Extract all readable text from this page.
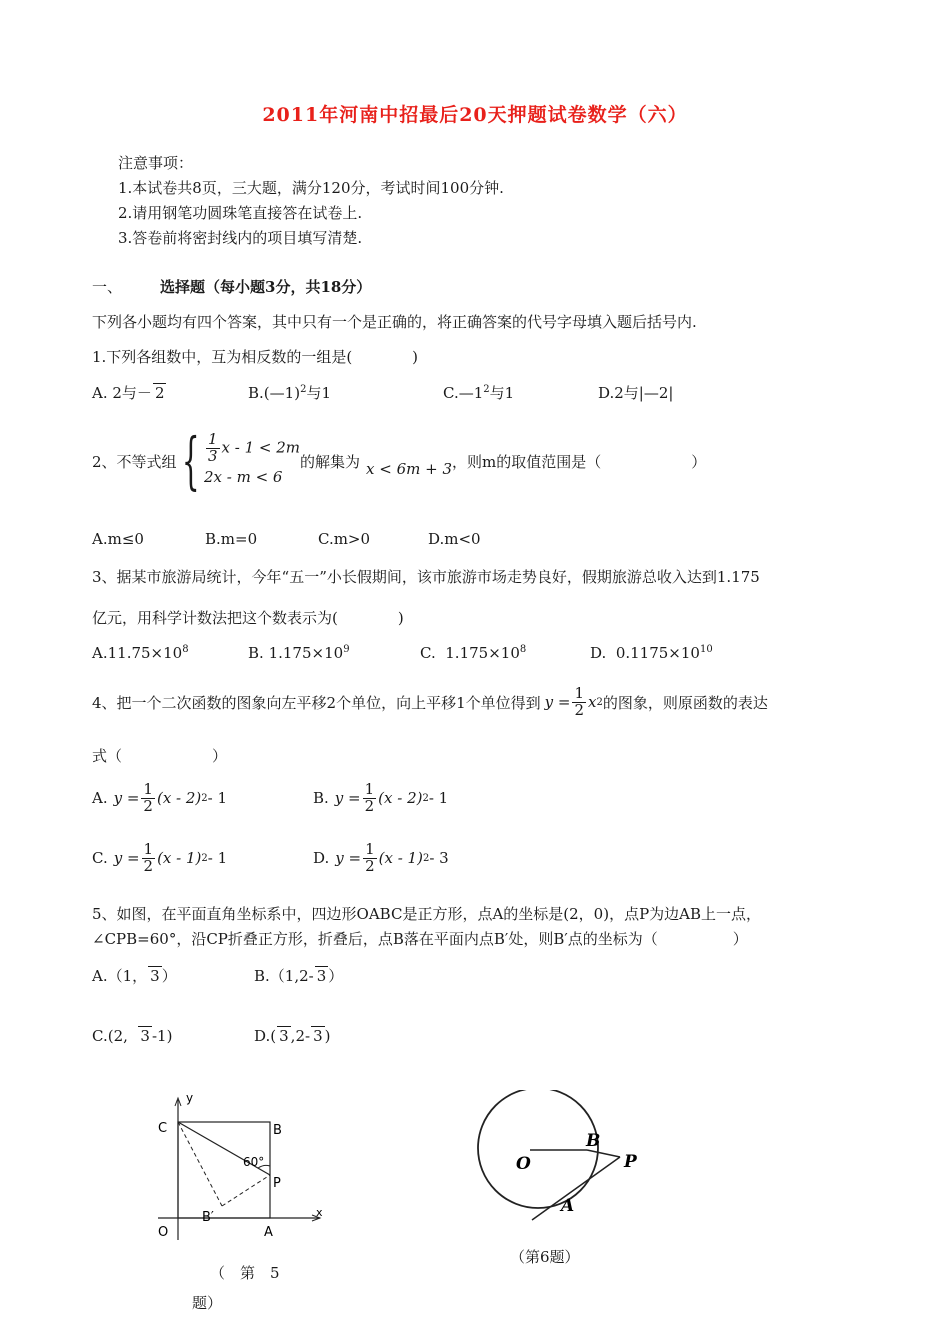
2011年河南中招最后20天押题试卷数学（六）
注意事项：
1.本试卷共8页，三大题，满分120分，考试时间100分钟.
2.请用钢笔功圆珠笔直接答在试卷上.
3.答卷前将密封线内的项目填写清楚.
一、	选择题（每小题3分，共18分）
下列各小题均有四个答案，其中只有一个是正确的，将正确答案的代号字母填入题后括号内.
1.下列各组数中，互为相反数的一组是(　　　　)
A. 2与－ 2	B.(—1)$^2$与1	$C.—1^2$与1	D.2与|—2|
2、不等式组 { $\frac{1}{3}$ x - 1 < 2m
2x - m < 6
的解集为 x < 6m + 3 ，则m的取值范围是（　　　　　　）
A.m≤0	B.m=0	C.m>0	D.m<0
3、据某市旅游局统计，今年“五一”小长假期间，该市旅游市场走势良好，假期旅游总收入达到1.175
亿元，用科学计数法把这个数表示为(　　　　)
$A.11.75\times 10^8$	B. $1.175\times 10^9$	C. $1.175\times 10^8$	D. $0.1175\times 10^{10}$
4、把一个二次函数的图象向左平移2个单位，向上平移1个单位得到 $y = \frac{1}{2}$ x 2 的图象，则原函数的表达
式（　　　　　　）
A. $y = \frac{1}{2} (x - 2)$ 2 - 1	B. $y = \frac{1}{2} (x - 2)$ 2 - 1
C. $y = \frac{1}{2} (x - 1)$ 2 - 1	D. $y = \frac{1}{2} (x - 1)$ 2 - 3
5、如图，在平面直角坐标系中，四边形OABC是正方形，点A的坐标是(2，0)，点P为边AB上一点，
∠CPB=60°，沿CP折叠正方形，折叠后，点B落在平面内点B′处，则B′点的坐标为（　　　　　）
A.（1， 3 ）	B.（1,2- 3 ）
C.(2, 3 -1)	D.( 3 ,2- 3 )
y
x
C	B
O	A
P
B′
60°
（　第　5
题）
O
B
P
A
（第6题）
